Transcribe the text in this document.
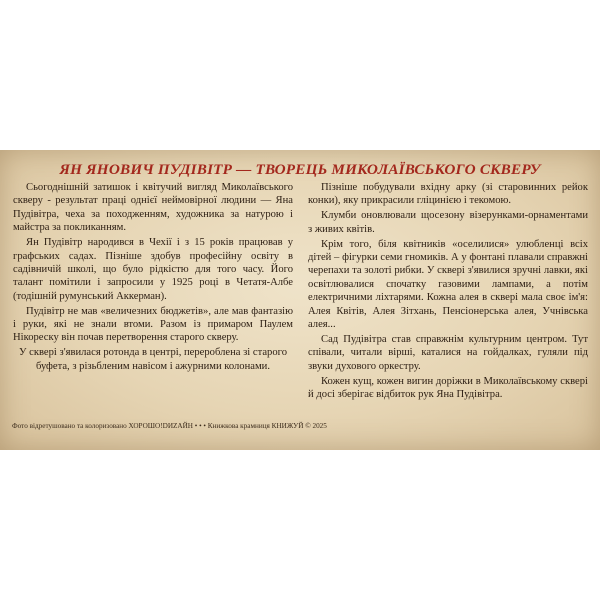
ЯН ЯНОВИЧ ПУДІВІТР — ТВОРЕЦЬ МИКОЛАЇВСЬКОГО СКВЕРУ

Сьогоднішній затишок і квітучий вигляд Миколаївського скверу - результат праці однієї неймовірної людини — Яна Пудівітра, чеха за походженням, художника за натурою і майстра за покликанням.

Ян Пудівітр народився в Чехії і з 15 років працював у графських садах. Пізніше здобув професійну освіту в садівничій школі, що було рідкістю для того часу. Його талант помітили і запросили у 1925 році в Четатя-Албе (тодішній румунський Аккерман).

Пудівітр не мав «величезних бюджетів», але мав фантазію і руки, які не знали втоми. Разом із примаром Паулем Нікореску він почав перетворення старого скверу.

У сквері з'явилася ротонда в центрі, перероблена зі старого буфета, з різьбленим навісом і ажурними колонами.

Пізніше побудували вхідну арку (зі старовинних рейок конки), яку прикрасили гліцинією і текомою.

Клумби оновлювали щосезону візерунками-орнаментами з живих квітів.

Крім того, біля квітників «оселилися» улюбленці всіх дітей – фігурки семи гномиків. А у фонтані плавали справжні черепахи та золоті рибки. У сквері з'явилися зручні лавки, які освітлювалися спочатку газовими лампами, а потім електричними ліхтарями. Кожна алея в сквері мала своє ім'я: Алея Квітів, Алея Зітхань, Пенсіонерська алея, Учнівська алея...

Сад Пудівітра став справжнім культурним центром. Тут співали, читали вірші, каталися на гойдалках, гуляли під звуки духового оркестру.

Кожен кущ, кожен вигин доріжки в Миколаївському сквері й досі зберігає відбиток рук Яна Пудівітра.

Фото відретушовано та колоризовано ХОРОШО!DИZАЙН • • • Книжкова крамниця КНИЖУЙ © 2025
